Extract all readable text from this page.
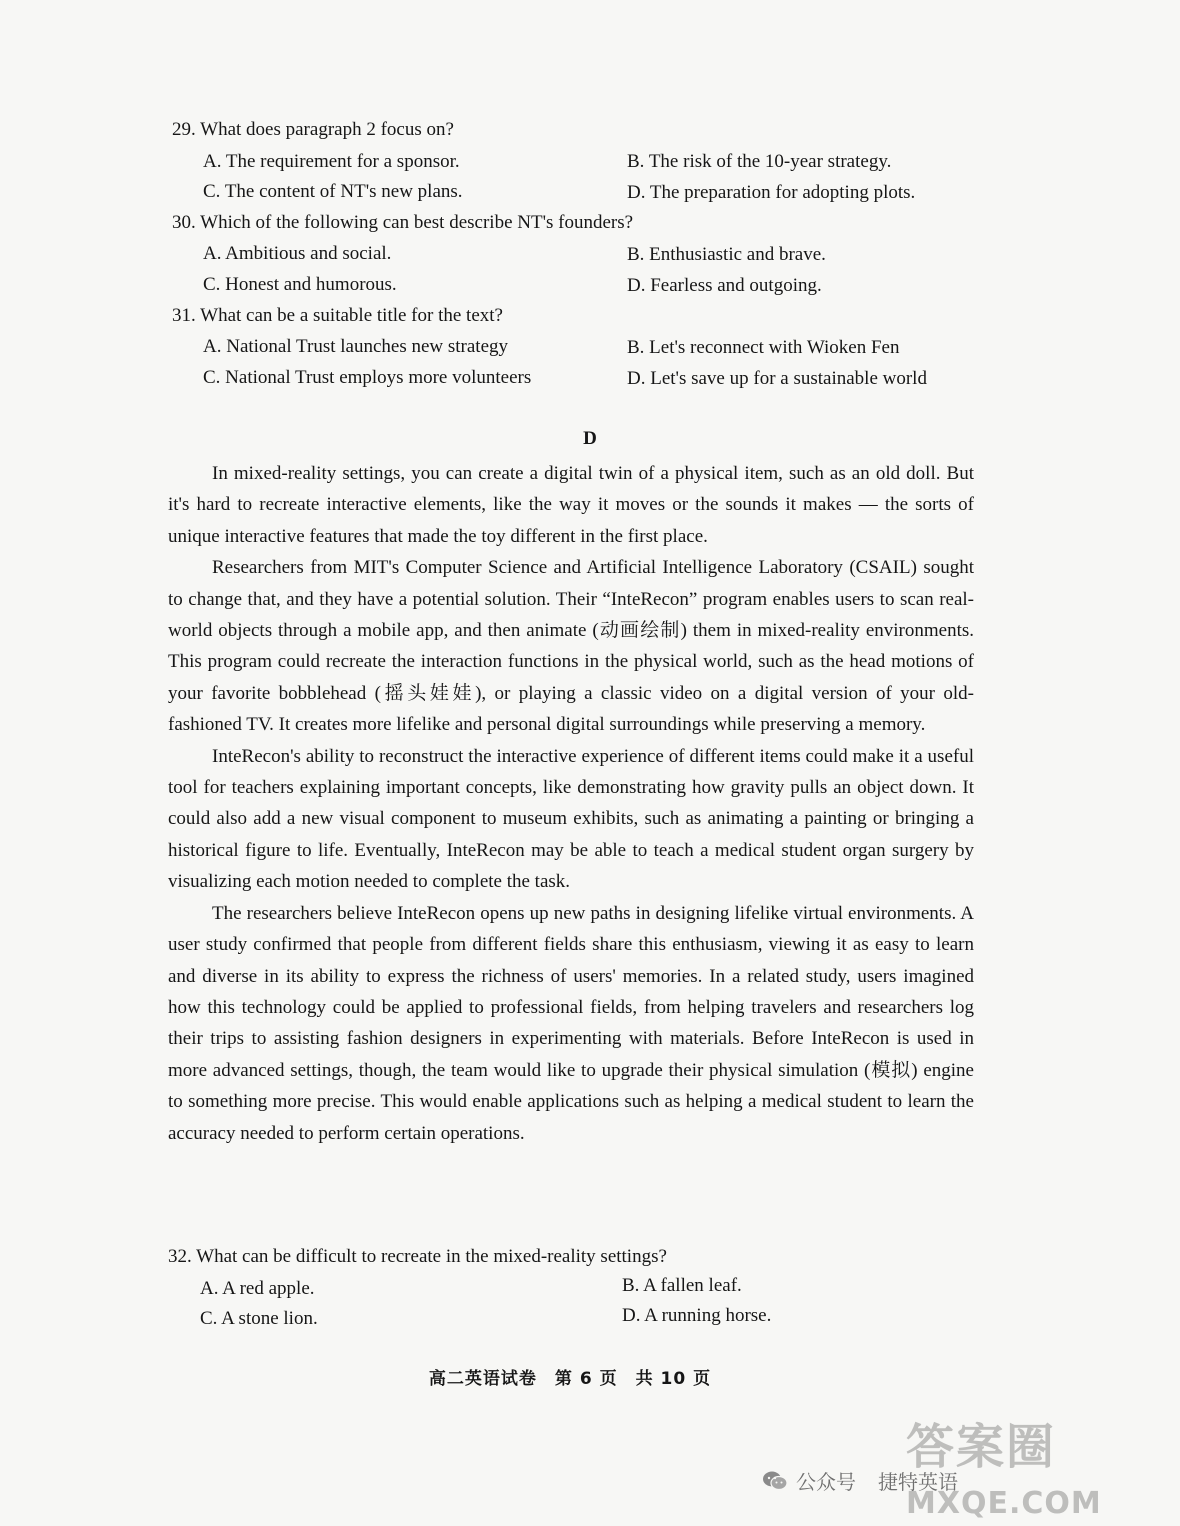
29. What does paragraph 2 focus on?
A. The requirement for a sponsor.	B. The risk of the 10-year strategy.
C. The content of NT's new plans.	D. The preparation for adopting plots.
30. Which of the following can best describe NT's founders?
A. Ambitious and social.	B. Enthusiastic and brave.
C. Honest and humorous.	D. Fearless and outgoing.
31. What can be a suitable title for the text?
A. National Trust launches new strategy	B. Let's reconnect with Wioken Fen
C. National Trust employs more volunteers	D. Let's save up for a sustainable world
D

In mixed-reality settings, you can create a digital twin of a physical item, such as an old doll. But it's hard to recreate interactive elements, like the way it moves or the sounds it makes — the sorts of unique interactive features that made the toy different in the first place.

Researchers from MIT's Computer Science and Artificial Intelligence Laboratory (CSAIL) sought to change that, and they have a potential solution. Their “InteRecon” program enables users to scan real-world objects through a mobile app, and then animate (动画绘制) them in mixed-reality environments. This program could recreate the interaction functions in the physical world, such as the head motions of your favorite bobblehead (摇头娃娃), or playing a classic video on a digital version of your old-fashioned TV. It creates more lifelike and personal digital surroundings while preserving a memory.

InteRecon's ability to reconstruct the interactive experience of different items could make it a useful tool for teachers explaining important concepts, like demonstrating how gravity pulls an object down. It could also add a new visual component to museum exhibits, such as animating a painting or bringing a historical figure to life. Eventually, InteRecon may be able to teach a medical student organ surgery by visualizing each motion needed to complete the task.

The researchers believe InteRecon opens up new paths in designing lifelike virtual environments. A user study confirmed that people from different fields share this enthusiasm, viewing it as easy to learn and diverse in its ability to express the richness of users' memories. In a related study, users imagined how this technology could be applied to professional fields, from helping travelers and researchers log their trips to assisting fashion designers in experimenting with materials. Before InteRecon is used in more advanced settings, though, the team would like to upgrade their physical simulation (模拟) engine to something more precise. This would enable applications such as helping a medical student to learn the accuracy needed to perform certain operations.

32. What can be difficult to recreate in the mixed-reality settings?
A. A red apple.	B. A fallen leaf.
C. A stone lion.	D. A running horse.
高二英语试卷　第 6 页　共 10 页
答案圈
MXQE.COM
公众号 捷特英语
